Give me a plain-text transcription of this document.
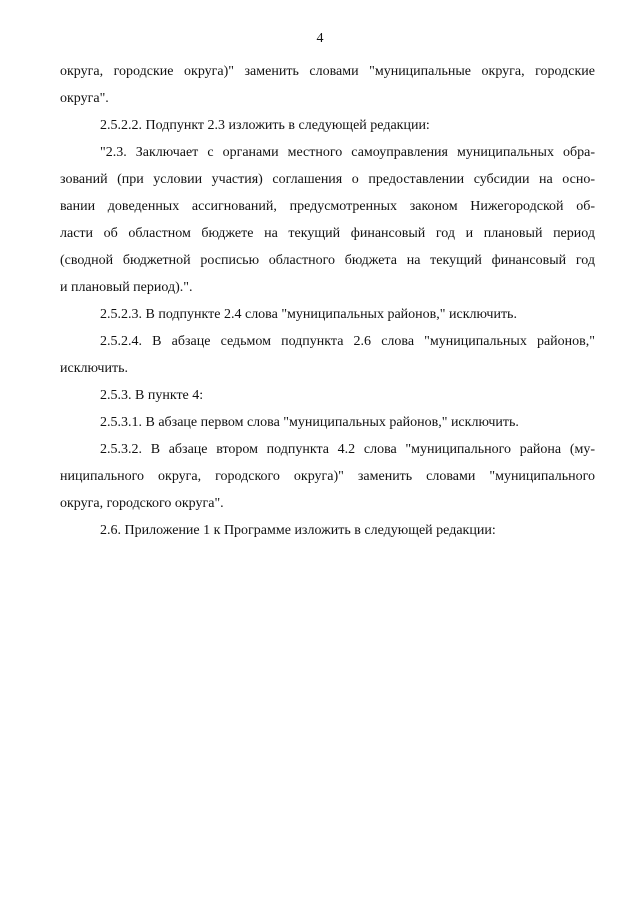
4
округа, городские округа)" заменить словами "муниципальные округа, городские
округа".
2.5.2.2. Подпункт 2.3 изложить в следующей редакции:
"2.3. Заключает с органами местного самоуправления муниципальных обра-
зований (при условии участия) соглашения о предоставлении субсидии на осно-
вании доведенных ассигнований, предусмотренных законом Нижегородской об-
ласти об областном бюджете на текущий финансовый год и плановый период
(сводной бюджетной росписью областного бюджета на текущий финансовый год
и плановый период).".
2.5.2.3. В подпункте 2.4 слова "муниципальных районов," исключить.
2.5.2.4. В абзаце седьмом подпункта 2.6 слова "муниципальных районов,"
исключить.
2.5.3. В пункте 4:
2.5.3.1. В абзаце первом слова "муниципальных районов," исключить.
2.5.3.2. В абзаце втором подпункта 4.2 слова "муниципального района (му-
ниципального округа, городского округа)" заменить словами "муниципального
округа, городского округа".
2.6. Приложение 1 к Программе изложить в следующей редакции:
